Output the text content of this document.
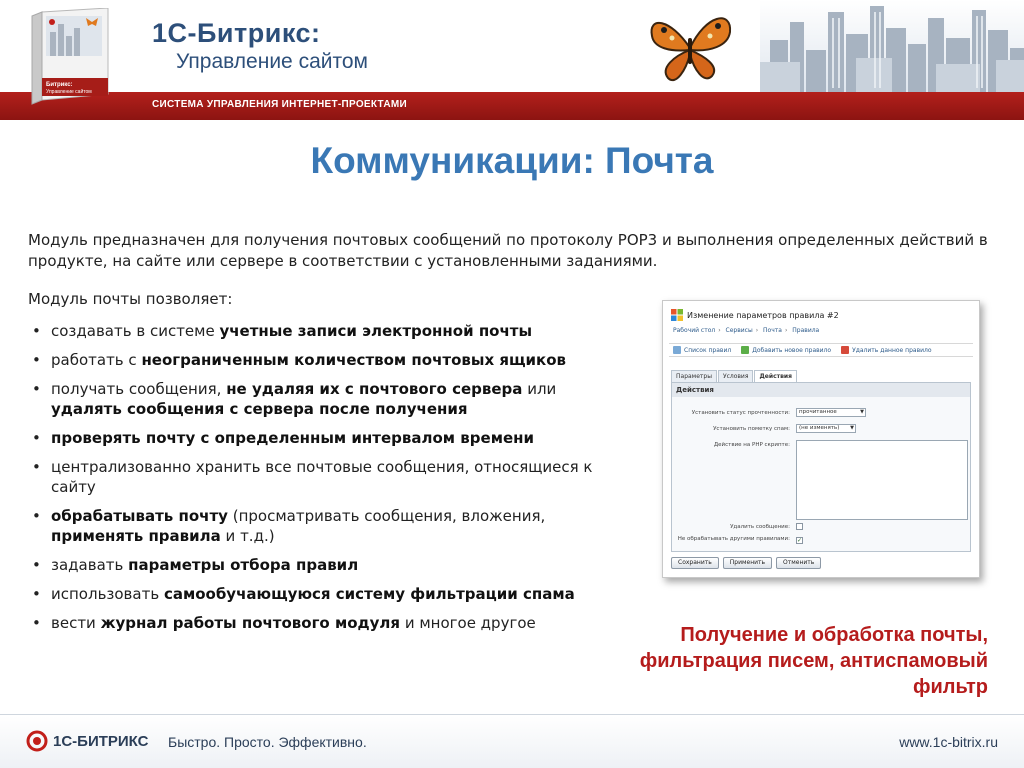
1С-Битрикс:
Управление сайтом
СИСТЕМА УПРАВЛЕНИЯ ИНТЕРНЕТ-ПРОЕКТАМИ
Битрикс:
Управление сайтом
Коммуникации: Почта
Модуль предназначен для получения почтовых сообщений по протоколу POP3 и выполнения определенных действий в продукте, на сайте или сервере в соответствии с установленными заданиями.
Модуль почты позволяет:
• создавать в системе учетные записи электронной почты
• работать с неограниченным количеством почтовых ящиков
• получать сообщения, не удаляя их с почтового сервера или удалять сообщения с сервера после получения
• проверять почту с определенным интервалом времени
• централизованно хранить все почтовые сообщения, относящиеся к сайту
• обрабатывать почту (просматривать сообщения, вложения, применять правила и т.д.)
• задавать параметры отбора правил
• использовать самообучающуюся систему фильтрации спама
• вести журнал работы почтового модуля и многое другое
Изменение параметров правила #2
Рабочий стол › Сервисы › Почта › Правила
Список правил	Добавить новое правило	Удалить данное правило
Параметры	Условия	Действия
Действия
Установить статус прочтенности:	прочитанное ▼
Установить пометку спам:	(не изменять) ▼
Действие на PHP скрипте:
Удалить сообщение:
Не обрабатывать другими правилами: ✓
Сохранить	Применить	Отменить
Получение и обработка почты, фильтрация писем, антиспамовый фильтр
1С-БИТРИКС Быстро. Просто. Эффективно.	www.1c-bitrix.ru
